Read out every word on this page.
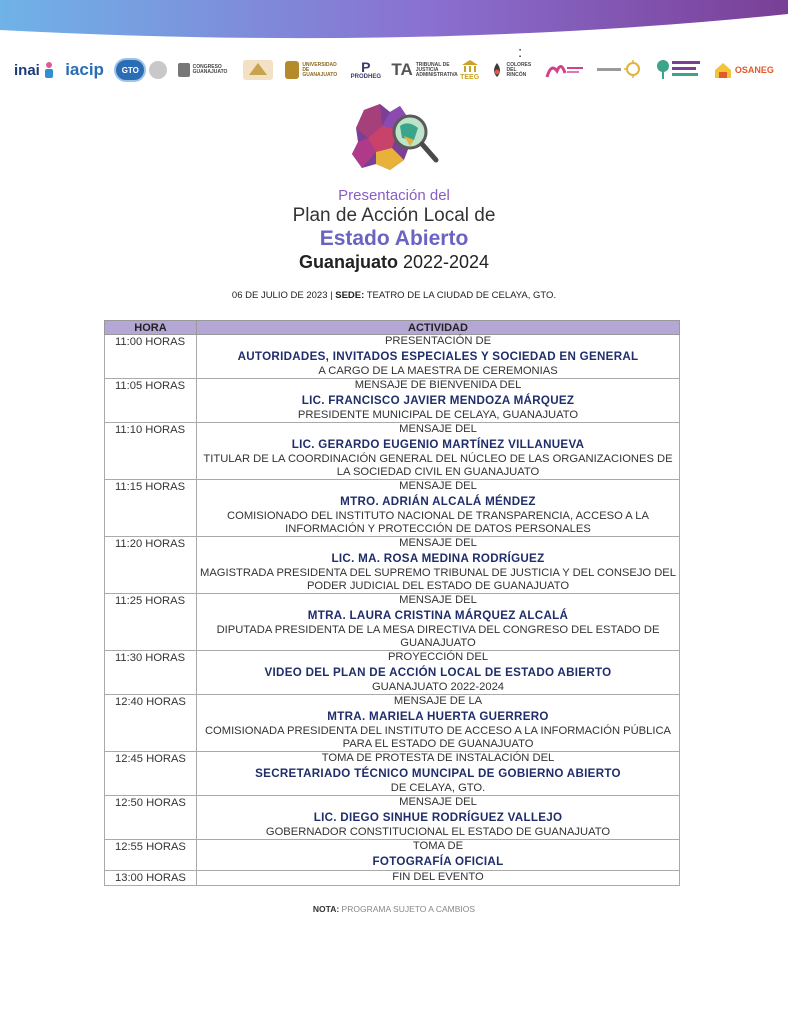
inai iacip	GTO	CONGRESO GUANAJUATO
UNIVERSIDAD DE GUANAJUATO P
PRODHEG TA TRIBUNAL DE JUSTICIA ADMINISTRATIVA TEEG
COLORES DEL RINCÓN	OSANEG
Presentación del
Plan de Acción Local de
Estado Abierto
Guanajuato 2022-2024
:
06 DE JULIO DE 2023 | SEDE: TEATRO DE LA CIUDAD DE CELAYA, GTO.
HORA	ACTIVIDAD
11:00 HORAS	PRESENTACIÓN DE
AUTORIDADES, INVITADOS ESPECIALES Y SOCIEDAD EN GENERAL
A CARGO DE LA MAESTRA DE CEREMONIAS

11:05 HORAS	MENSAJE DE BIENVENIDA DEL
LIC. FRANCISCO JAVIER MENDOZA MÁRQUEZ
PRESIDENTE MUNICIPAL DE CELAYA, GUANAJUATO

11:10 HORAS	MENSAJE DEL
LIC. GERARDO EUGENIO MARTÍNEZ VILLANUEVA
TITULAR DE LA COORDINACIÓN GENERAL DEL NÚCLEO DE LAS ORGANIZACIONES DE LA SOCIEDAD CIVIL EN GUANAJUATO

11:15 HORAS	MENSAJE DEL
MTRO. ADRIÁN ALCALÁ MÉNDEZ
COMISIONADO DEL INSTITUTO NACIONAL DE TRANSPARENCIA, ACCESO A LA INFORMACIÓN Y PROTECCIÓN DE DATOS PERSONALES

11:20 HORAS	MENSAJE DEL
LIC. MA. ROSA MEDINA RODRÍGUEZ
MAGISTRADA PRESIDENTA DEL SUPREMO TRIBUNAL DE JUSTICIA Y DEL CONSEJO DEL PODER JUDICIAL DEL ESTADO DE GUANAJUATO

11:25 HORAS	MENSAJE DEL
MTRA. LAURA CRISTINA MÁRQUEZ ALCALÁ
DIPUTADA PRESIDENTA DE LA MESA DIRECTIVA DEL CONGRESO DEL ESTADO DE GUANAJUATO

11:30 HORAS	PROYECCIÓN DEL
VIDEO DEL PLAN DE ACCIÓN LOCAL DE ESTADO ABIERTO
GUANAJUATO 2022-2024

12:40 HORAS	MENSAJE DE LA
MTRA. MARIELA HUERTA GUERRERO
COMISIONADA PRESIDENTA DEL INSTITUTO DE ACCESO A LA INFORMACIÓN PÚBLICA PARA EL ESTADO DE GUANAJUATO

12:45 HORAS	TOMA DE PROTESTA DE INSTALACIÓN DEL
SECRETARIADO TÉCNICO MUNCIPAL DE GOBIERNO ABIERTO
DE CELAYA, GTO.

12:50 HORAS	MENSAJE DEL
LIC. DIEGO SINHUE RODRÍGUEZ VALLEJO
GOBERNADOR CONSTITUCIONAL EL ESTADO DE GUANAJUATO

12:55 HORAS	TOMA DE
FOTOGRAFÍA OFICIAL

13:00 HORAS	FIN DEL EVENTO
NOTA: PROGRAMA SUJETO A CAMBIOS
